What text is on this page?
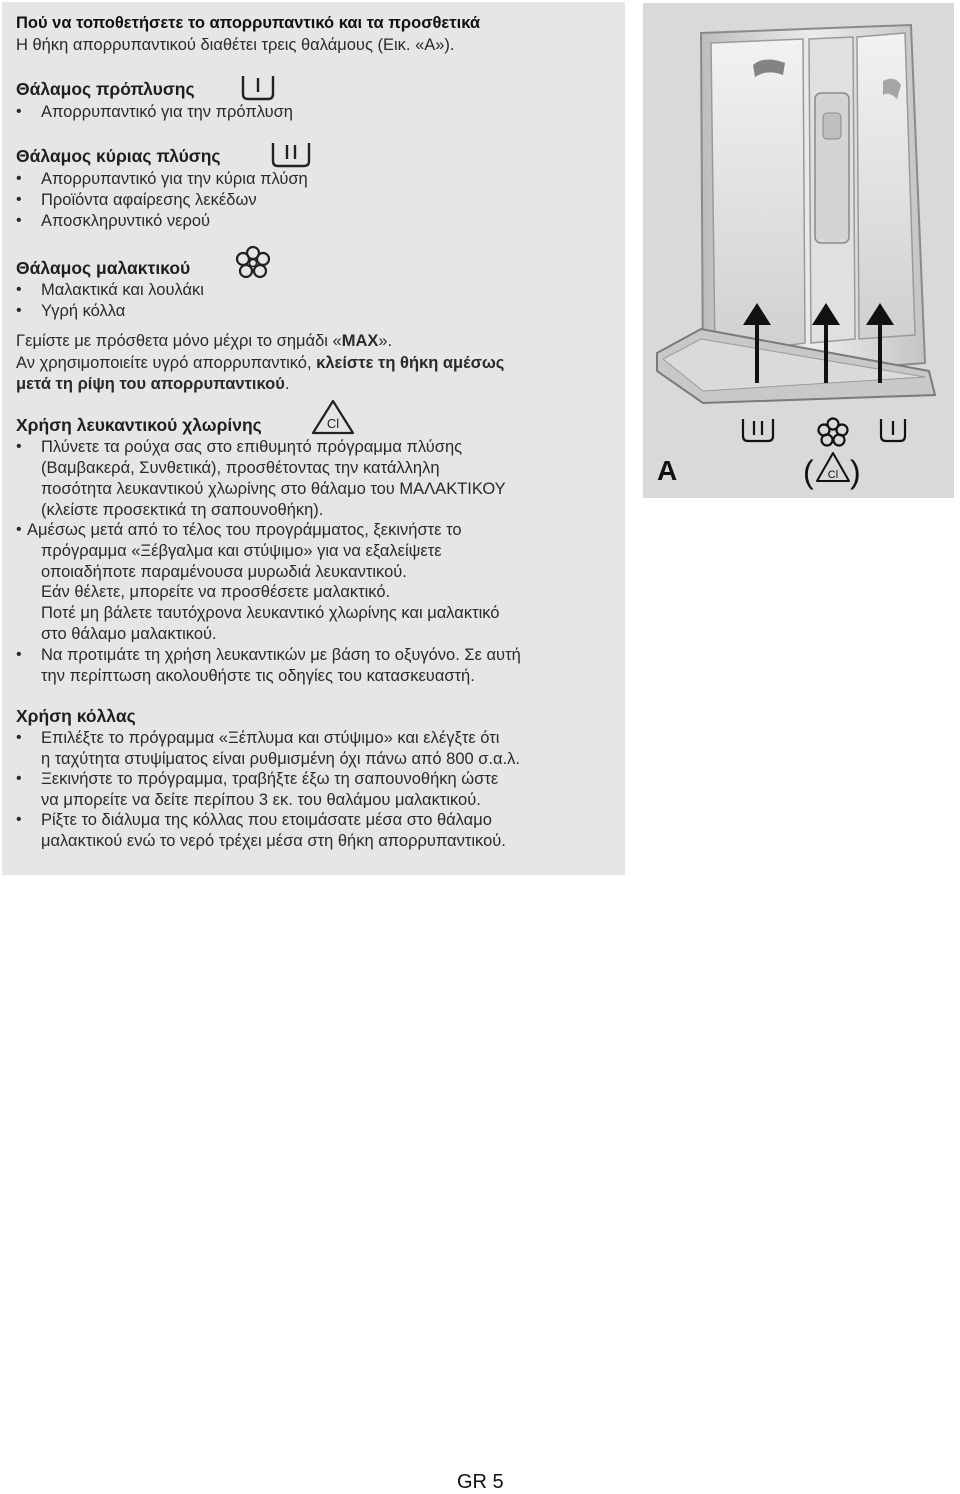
Πού να τοποθετήσετε το απορρυπαντικό και τα προσθετικά
Η θήκη απορρυπαντικού διαθέτει τρεις θαλάμους (Εικ. «A»).
Θάλαμος πρόπλυσης
• Απορρυπαντικό για την πρόπλυση
Θάλαμος κύριας πλύσης
• Απορρυπαντικό για την κύρια πλύση
• Προϊόντα αφαίρεσης λεκέδων
• Αποσκληρυντικό νερού
Θάλαμος μαλακτικού
• Μαλακτικά και λουλάκι
• Υγρή κόλλα
Γεμίστε με πρόσθετα μόνο μέχρι το σημάδι «MAX».
Αν χρησιμοποιείτε υγρό απορρυπαντικό, κλείστε τη θήκη αμέσως
μετά τη ρίψη του απορρυπαντικού.
Χρήση λευκαντικού χλωρίνης	Cl
• Πλύνετε τα ρούχα σας στο επιθυμητό πρόγραμμα πλύσης
(Βαμβακερά, Συνθετικά), προσθέτοντας την κατάλληλη
ποσότητα λευκαντικού χλωρίνης στο θάλαμο του ΜΑΛΑΚΤΙΚΟΥ
(κλείστε προσεκτικά τη σαπουνοθήκη).
• Αμέσως μετά από το τέλος του προγράμματος, ξεκινήστε το
πρόγραμμα «Ξέβγαλμα και στύψιμο» για να εξαλείψετε
οποιαδήποτε παραμένουσα μυρωδιά λευκαντικού.
Εάν θέλετε, μπορείτε να προσθέσετε μαλακτικό.
Ποτέ μη βάλετε ταυτόχρονα λευκαντικό χλωρίνης και μαλακτικό
στο θάλαμο μαλακτικού.
• Να προτιμάτε τη χρήση λευκαντικών με βάση το οξυγόνο. Σε αυτή
την περίπτωση ακολουθήστε τις οδηγίες του κατασκευαστή.
Χρήση κόλλας
• Επιλέξτε το πρόγραμμα «Ξέπλυμα και στύψιμο» και ελέγξτε ότι
η ταχύτητα στυψίματος είναι ρυθμισμένη όχι πάνω από 800 σ.α.λ.
• Ξεκινήστε το πρόγραμμα, τραβήξτε έξω τη σαπουνοθήκη ώστε
να μπορείτε να δείτε περίπου 3 εκ. του θαλάμου μαλακτικού.
• Ρίξτε το διάλυμα της κόλλας που ετοιμάσατε μέσα στο θάλαμο
μαλακτικού ενώ το νερό τρέχει μέσα στη θήκη απορρυπαντικού.
A	( Cl )
GR 5
